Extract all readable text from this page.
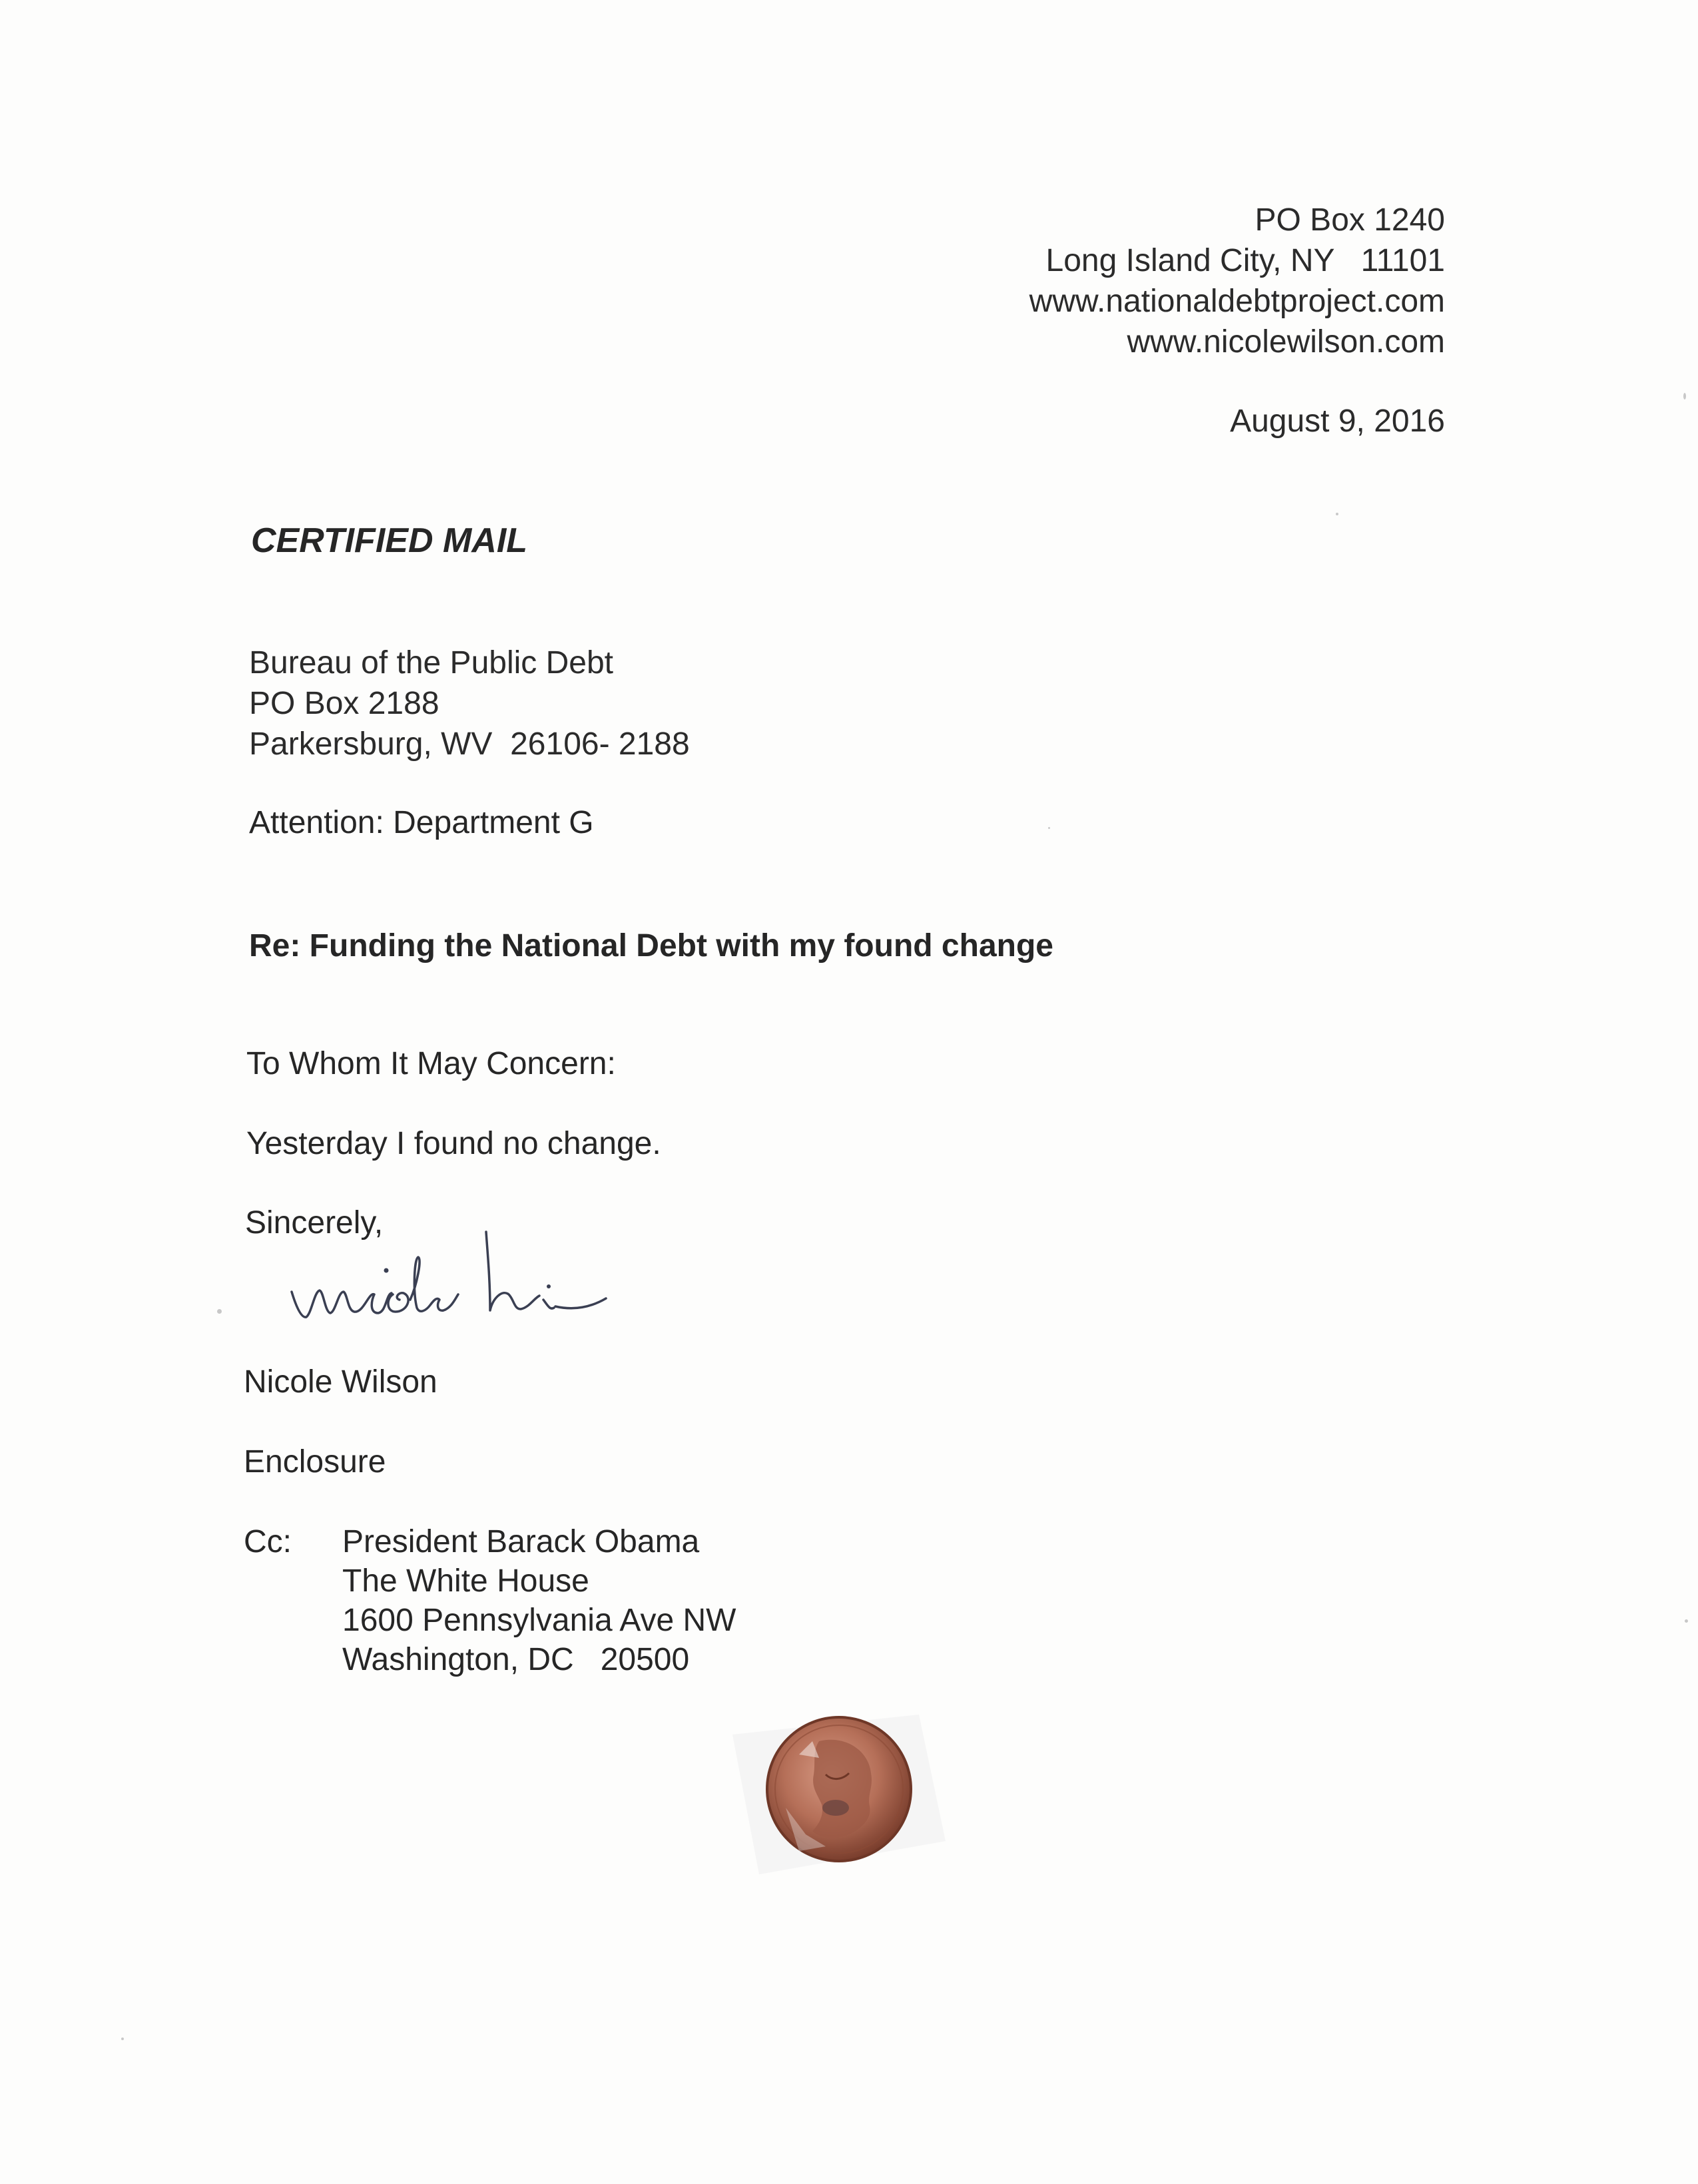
PO Box 1240
Long Island City, NY   11101
www.nationaldebtproject.com
www.nicolewilson.com
August 9, 2016
CERTIFIED MAIL
Bureau of the Public Debt
PO Box 2188
Parkersburg, WV  26106- 2188
Attention: Department G
Re: Funding the National Debt with my found change
To Whom It May Concern:
Yesterday I found no change.
Sincerely,
Nicole Wilson
Enclosure
Cc: President Barack Obama
The White House
1600 Pennsylvania Ave NW
Washington, DC   20500
